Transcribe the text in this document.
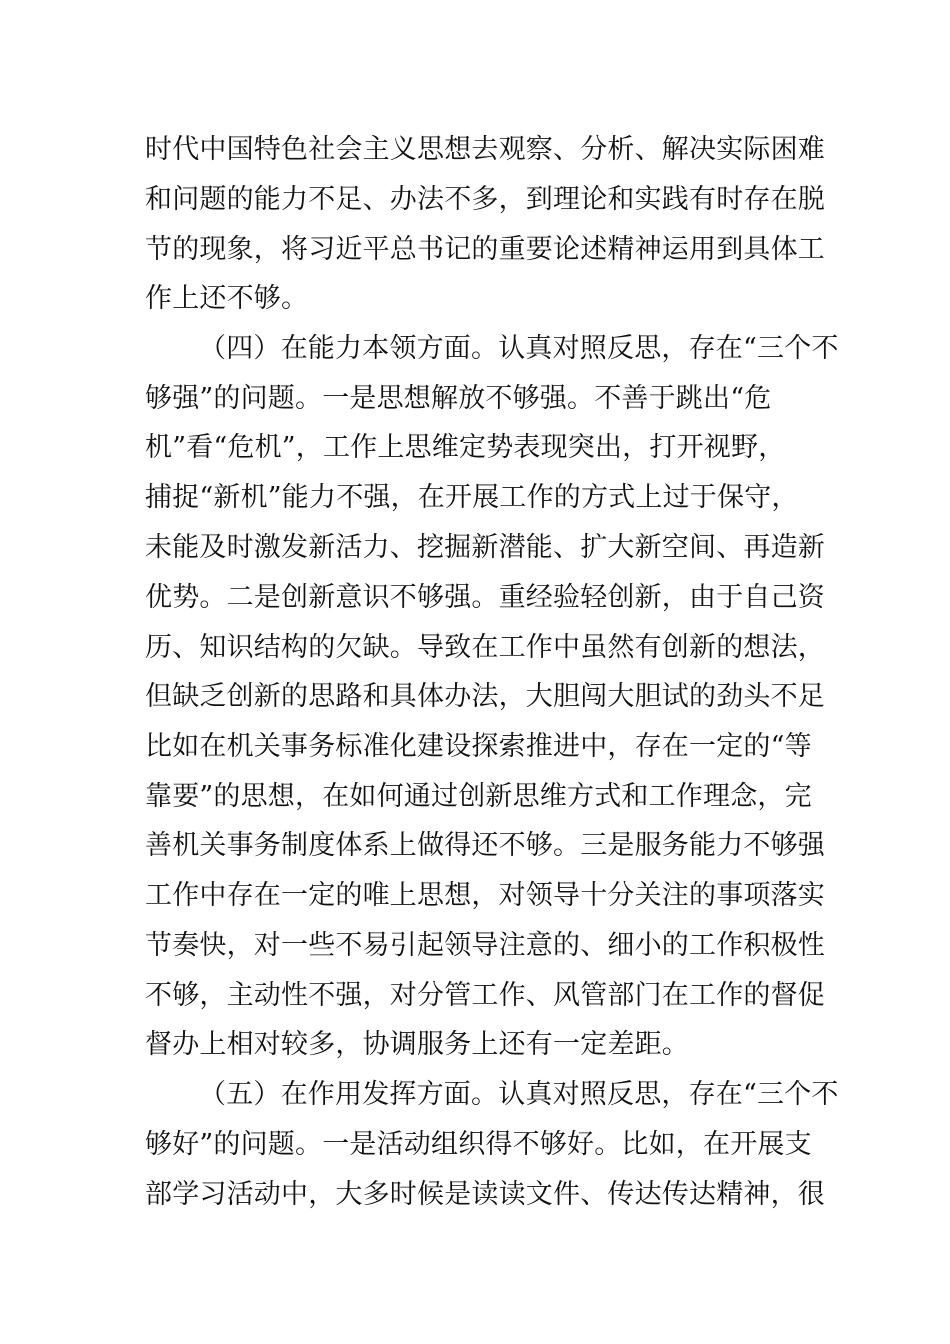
时代中国特色社会主义思想去观察、分析、解决实际困难
和问题的能力不足、办法不多，到理论和实践有时存在脱
节的现象，将习近平总书记的重要论述精神运用到具体工
作上还不够。
（四）在能力本领方面。认真对照反思，存在“三个不
够强”的问题。一是思想解放不够强。不善于跳出“危
机”看“危机”，工作上思维定势表现突出，打开视野，
捕捉“新机”能力不强，在开展工作的方式上过于保守，
未能及时激发新活力、挖掘新潜能、扩大新空间、再造新
优势。二是创新意识不够强。重经验轻创新，由于自己资
历、知识结构的欠缺。导致在工作中虽然有创新的想法，
但缺乏创新的思路和具体办法，大胆闯大胆试的劲头不足
比如在机关事务标准化建设探索推进中，存在一定的“等
靠要”的思想，在如何通过创新思维方式和工作理念，完
善机关事务制度体系上做得还不够。三是服务能力不够强
工作中存在一定的唯上思想，对领导十分关注的事项落实
节奏快，对一些不易引起领导注意的、细小的工作积极性
不够，主动性不强，对分管工作、风管部门在工作的督促
督办上相对较多，协调服务上还有一定差距。
（五）在作用发挥方面。认真对照反思，存在“三个不
够好”的问题。一是活动组织得不够好。比如，在开展支
部学习活动中，大多时候是读读文件、传达传达精神，很
